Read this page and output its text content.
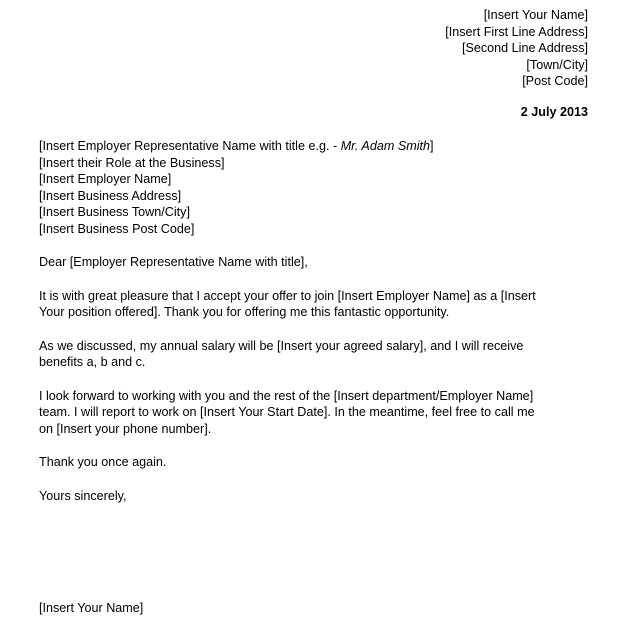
[Insert Your Name]
[Insert First Line Address]
[Second Line Address]
[Town/City]
[Post Code]
2 July 2013
[Insert Employer Representative Name with title e.g. - Mr. Adam Smith]
[Insert their Role at the Business]
[Insert Employer Name]
[Insert Business Address]
[Insert Business Town/City]
[Insert Business Post Code]

Dear [Employer Representative Name with title],

It is with great pleasure that I accept your offer to join [Insert Employer Name] as a [Insert
Your position offered]. Thank you for offering me this fantastic opportunity.

As we discussed, my annual salary will be [Insert your agreed salary], and I will receive
benefits a, b and c.

I look forward to working with you and the rest of the [Insert department/Employer Name]
team. I will report to work on [Insert Your Start Date]. In the meantime, feel free to call me
on [Insert your phone number].

Thank you once again.

Yours sincerely,

[Insert Your Name]
